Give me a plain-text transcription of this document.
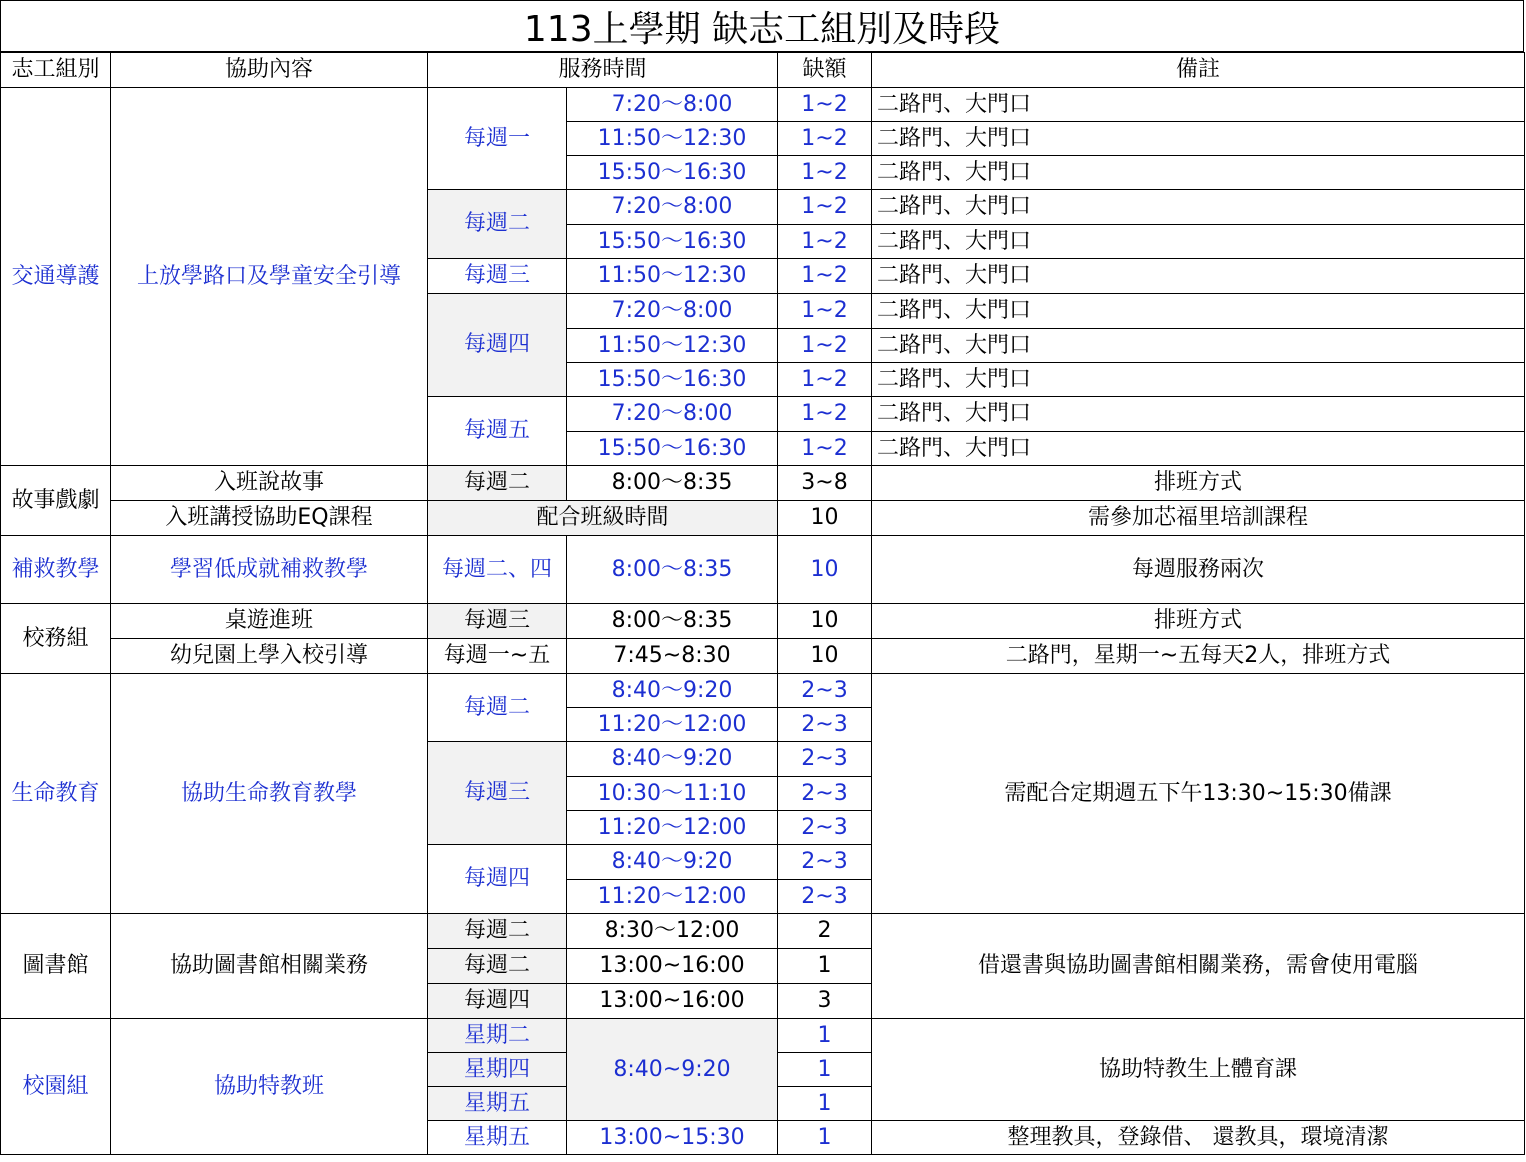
113上學期 缺志工組別及時段
志工組別	協助內容	服務時間		缺額	備註
交通導護	上放學路口及學童安全引導	每週一	7:20～8:00	1~2	二路門、大門口
			11:50～12:30	1~2	二路門、大門口
			15:50～16:30	1~2	二路門、大門口
		每週二	7:20～8:00	1~2	二路門、大門口
			15:50～16:30	1~2	二路門、大門口
		每週三	11:50～12:30	1~2	二路門、大門口
		每週四	7:20～8:00	1~2	二路門、大門口
			11:50～12:30	1~2	二路門、大門口
			15:50～16:30	1~2	二路門、大門口
		每週五	7:20～8:00	1~2	二路門、大門口
			15:50～16:30	1~2	二路門、大門口
故事戲劇	入班說故事	每週二	8:00～8:35	3~8	排班方式
	入班講授協助EQ課程	配合班級時間		10	需參加芯福里培訓課程
補救教學	學習低成就補救教學	每週二、四	8:00～8:35	10	每週服務兩次
校務組	桌遊進班	每週三	8:00～8:35	10	排班方式
	幼兒園上學入校引導	每週一~五	7:45~8:30	10	二路門，星期一~五每天2人，排班方式
生命教育	協助生命教育教學	每週二	8:40～9:20	2~3	需配合定期週五下午13:30~15:30備課
			11:20～12:00	2~3	
		每週三	8:40～9:20	2~3	
			10:30～11:10	2~3	
			11:20～12:00	2~3	
		每週四	8:40～9:20	2~3	
			11:20～12:00	2~3	
圖書館	協助圖書館相關業務	每週二	8:30～12:00	2	借還書與協助圖書館相關業務，需會使用電腦
		每週二	13:00~16:00	1	
		每週四	13:00~16:00	3	
校園組	協助特教班	星期二	8:40~9:20	1	協助特教生上體育課
		星期四		1	
		星期五		1	
		星期五	13:00~15:30	1	整理教具，登錄借、 還教具，環境清潔
